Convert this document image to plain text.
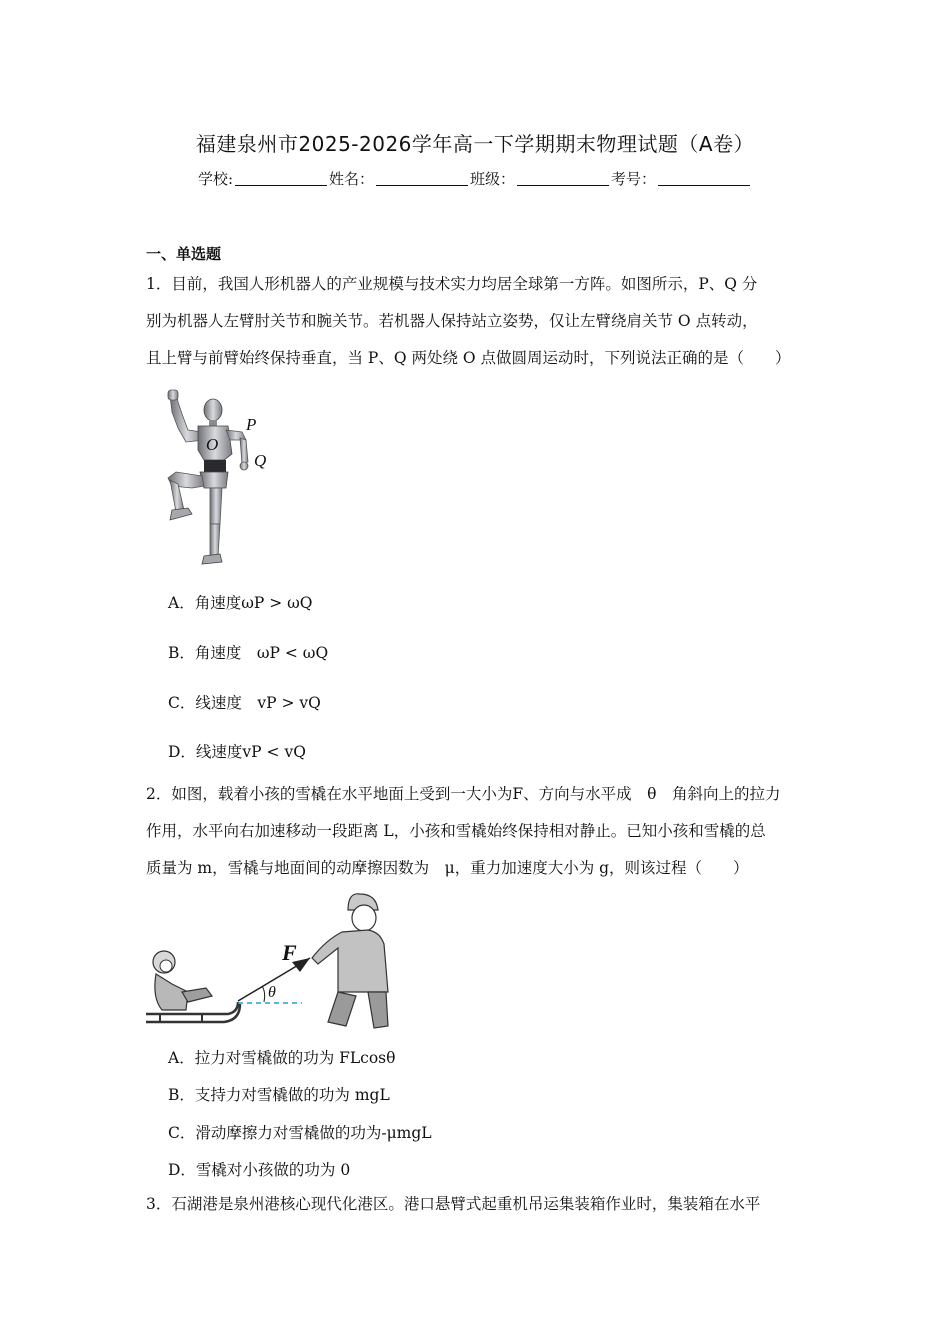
福建泉州市2025-2026学年高一下学期期末物理试题（A卷）
学校:	姓名：	班级：	考号：
一、单选题
1．目前，我国人形机器人的产业规模与技术实力均居全球第一方阵。如图所示，P、Q 分
别为机器人左臂肘关节和腕关节。若机器人保持站立姿势，仅让左臂绕肩关节 O 点转动，
且上臂与前臂始终保持垂直，当 P、Q 两处绕 O 点做圆周运动时，下列说法正确的是（　　）
P
O
Q
A．角速度ωP > ωQ
B．角速度　ωP < ωQ
C．线速度　vP > vQ
D．线速度vP < vQ
2．如图，载着小孩的雪橇在水平地面上受到一大小为F、方向与水平成　θ　角斜向上的拉力
作用，水平向右加速移动一段距离 L，小孩和雪橇始终保持相对静止。已知小孩和雪橇的总
质量为 m，雪橇与地面间的动摩擦因数为　μ，重力加速度大小为 g，则该过程（　　）
θ
F
A．拉力对雪橇做的功为 FLcosθ
B．支持力对雪橇做的功为 mgL
C．滑动摩擦力对雪橇做的功为-μmgL
D．雪橇对小孩做的功为 0
3．石湖港是泉州港核心现代化港区。港口悬臂式起重机吊运集装箱作业时，集装箱在水平
